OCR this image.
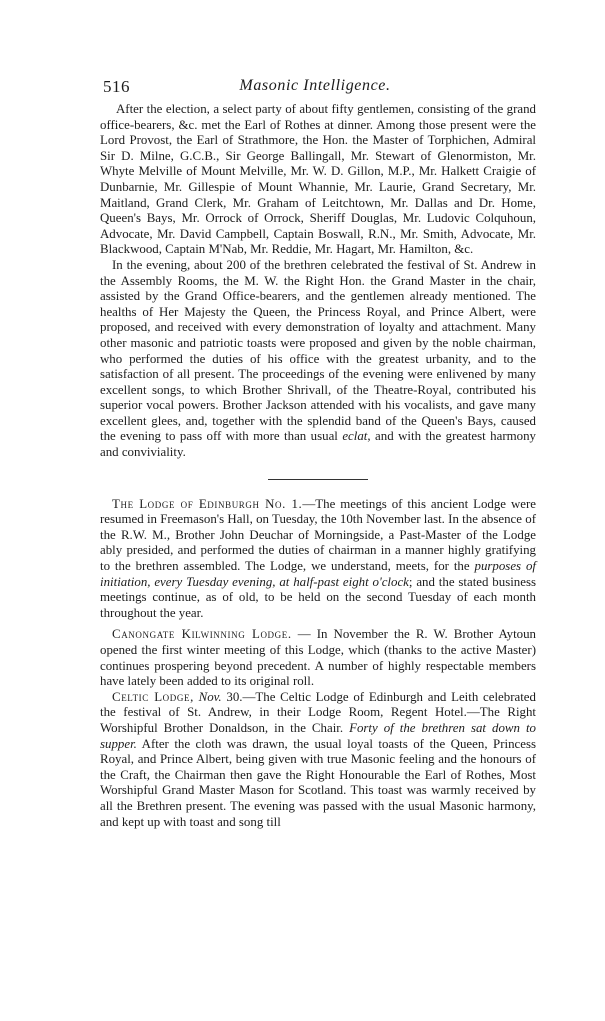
516	Masonic Intelligence.

After the election, a select party of about fifty gentlemen, consisting of the grand office-bearers, &c. met the Earl of Rothes at dinner. Among those present were the Lord Provost, the Earl of Strathmore, the Hon. the Master of Torphichen, Admiral Sir D. Milne, G.C.B., Sir George Ballingall, Mr. Stewart of Glenormiston, Mr. Whyte Melville of Mount Melville, Mr. W. D. Gillon, M.P., Mr. Halkett Craigie of Dunbarnie, Mr. Gillespie of Mount Whannie, Mr. Laurie, Grand Secretary, Mr. Maitland, Grand Clerk, Mr. Graham of Leitchtown, Mr. Dallas and Dr. Home, Queen's Bays, Mr. Orrock of Orrock, Sheriff Douglas, Mr. Ludovic Colquhoun, Advocate, Mr. David Campbell, Captain Boswall, R.N., Mr. Smith, Advocate, Mr. Blackwood, Captain M'Nab, Mr. Reddie, Mr. Hagart, Mr. Hamilton, &c.

In the evening, about 200 of the brethren celebrated the festival of St. Andrew in the Assembly Rooms, the M. W. the Right Hon. the Grand Master in the chair, assisted by the Grand Office-bearers, and the gentlemen already mentioned. The healths of Her Majesty the Queen, the Princess Royal, and Prince Albert, were proposed, and received with every demonstration of loyalty and attachment. Many other masonic and patriotic toasts were proposed and given by the noble chairman, who performed the duties of his office with the greatest urbanity, and to the satisfaction of all present. The proceedings of the evening were enlivened by many excellent songs, to which Brother Shrivall, of the Theatre-Royal, contributed his superior vocal powers. Brother Jackson attended with his vocalists, and gave many excellent glees, and, together with the splendid band of the Queen's Bays, caused the evening to pass off with more than usual eclat, and with the greatest harmony and conviviality.

The Lodge of Edinburgh No. 1.—The meetings of this ancient Lodge were resumed in Freemason's Hall, on Tuesday, the 10th November last. In the absence of the R.W. M., Brother John Deuchar of Morningside, a Past-Master of the Lodge ably presided, and performed the duties of chairman in a manner highly gratifying to the brethren assembled. The Lodge, we understand, meets, for the purposes of initiation, every Tuesday evening, at half-past eight o'clock; and the stated business meetings continue, as of old, to be held on the second Tuesday of each month throughout the year.

Canongate Kilwinning Lodge. — In November the R. W. Brother Aytoun opened the first winter meeting of this Lodge, which (thanks to the active Master) continues prospering beyond precedent. A number of highly respectable members have lately been added to its original roll.

Celtic Lodge, Nov. 30.—The Celtic Lodge of Edinburgh and Leith celebrated the festival of St. Andrew, in their Lodge Room, Regent Hotel.—The Right Worshipful Brother Donaldson, in the Chair. Forty of the brethren sat down to supper. After the cloth was drawn, the usual loyal toasts of the Queen, Princess Royal, and Prince Albert, being given with true Masonic feeling and the honours of the Craft, the Chairman then gave the Right Honourable the Earl of Rothes, Most Worshipful Grand Master Mason for Scotland. This toast was warmly received by all the Brethren present. The evening was passed with the usual Masonic harmony, and kept up with toast and song till
